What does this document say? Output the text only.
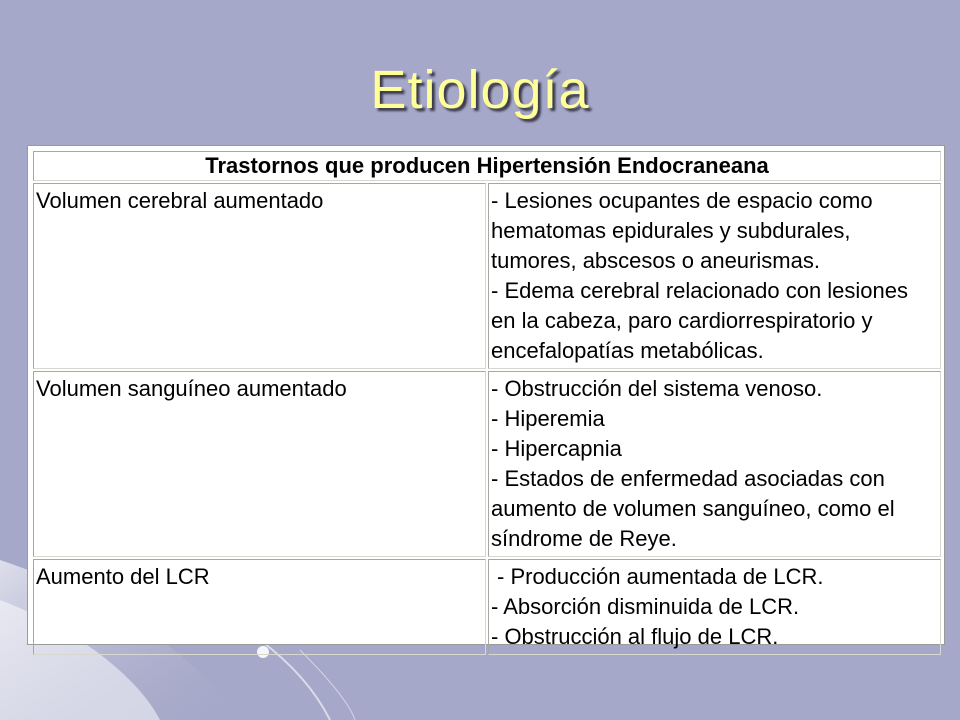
Etiología
Trastornos que producen Hipertensión Endocraneana	
Volumen cerebral aumentado	- Lesiones ocupantes de espacio como hematomas epidurales y subdurales, tumores, abscesos o aneurismas.
- Edema cerebral relacionado con lesiones en la cabeza, paro cardiorrespiratorio y encefalopatías metabólicas.

Volumen sanguíneo aumentado	- Obstrucción del sistema venoso.
- Hiperemia
- Hipercapnia
- Estados de enfermedad asociadas con aumento de volumen sanguíneo, como el síndrome de Reye.

Aumento del LCR	- Producción aumentada de LCR.
- Absorción disminuida de LCR.
- Obstrucción al flujo de LCR.
